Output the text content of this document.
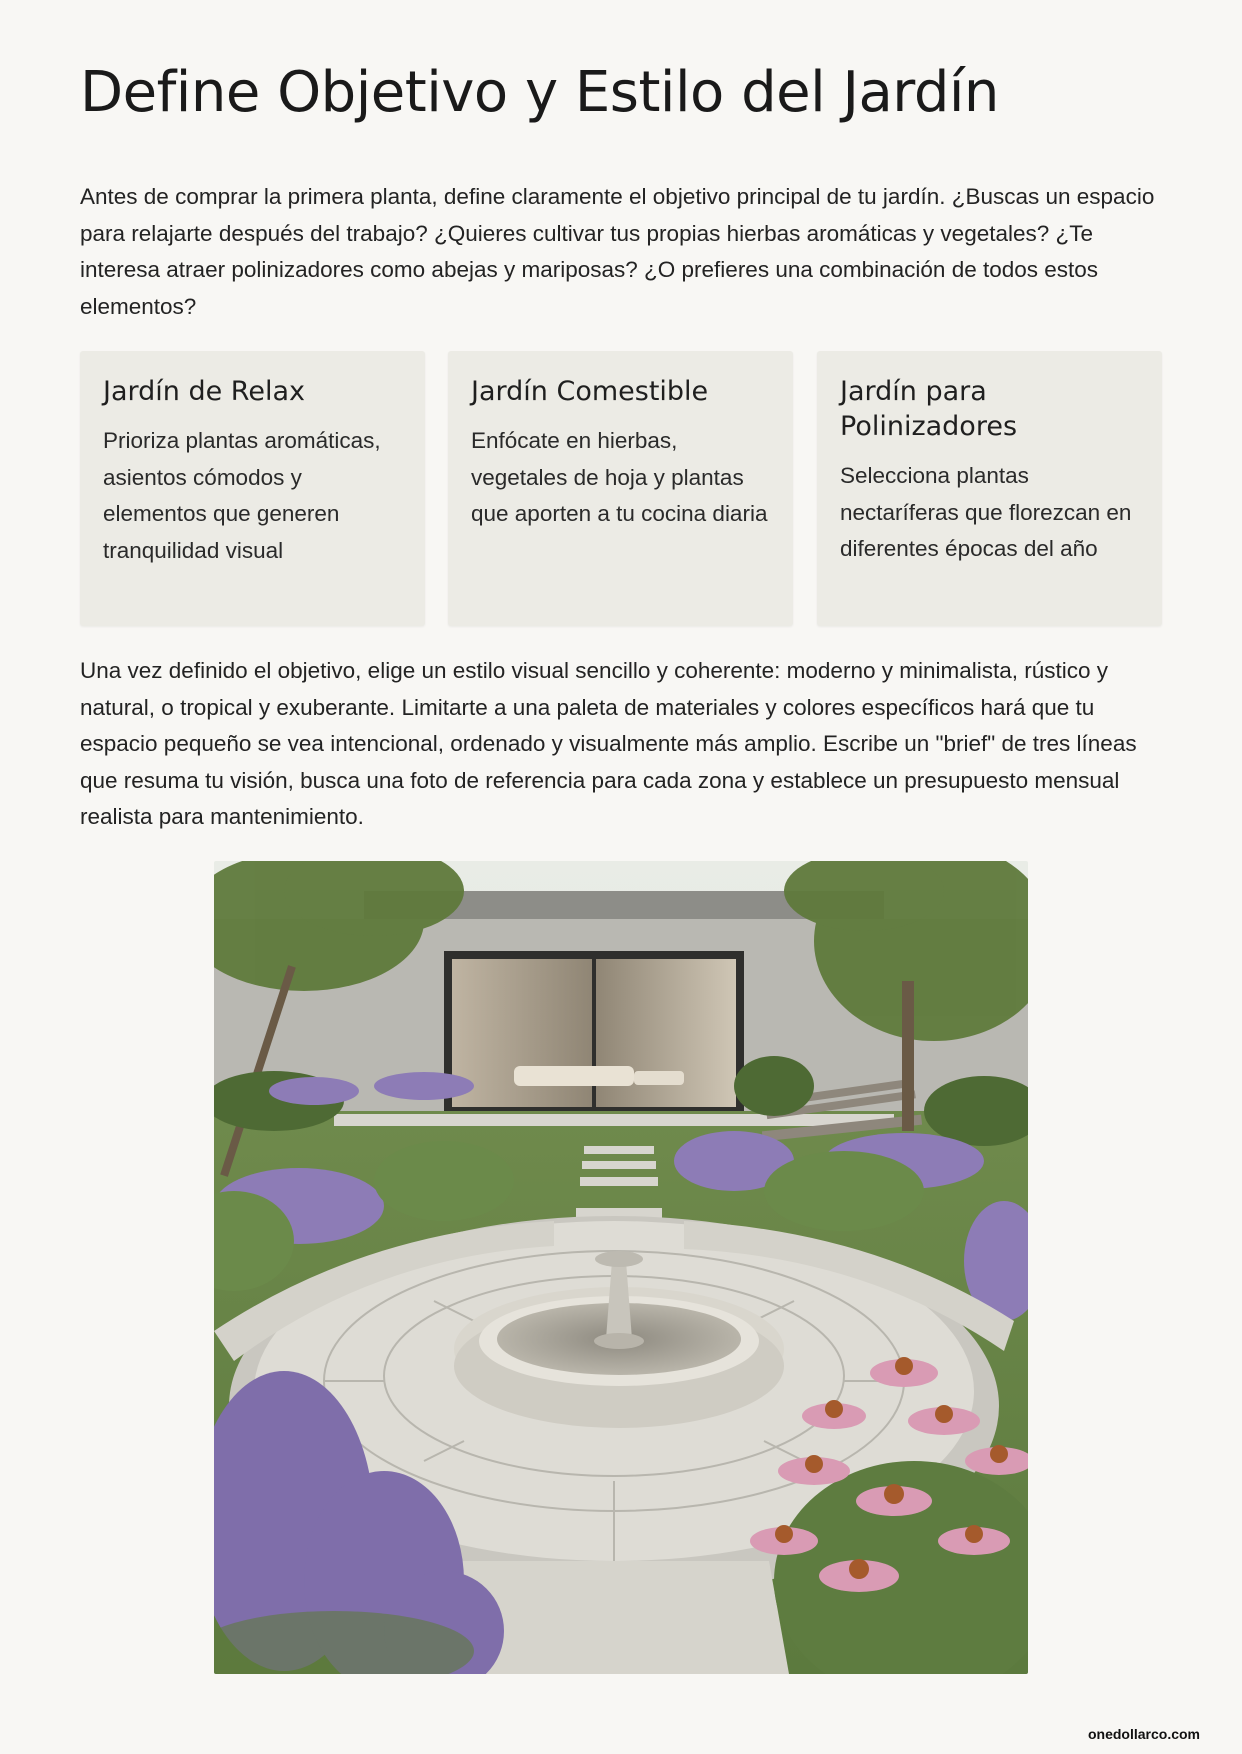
Define Objetivo y Estilo del Jardín

Antes de comprar la primera planta, define claramente el objetivo principal de tu jardín. ¿Buscas un espacio para relajarte después del trabajo? ¿Quieres cultivar tus propias hierbas aromáticas y vegetales? ¿Te interesa atraer polinizadores como abejas y mariposas? ¿O prefieres una combinación de todos estos elementos?

Jardín de Relax
Prioriza plantas aromáticas, asientos cómodos y elementos que generen tranquilidad visual
Jardín Comestible
Enfócate en hierbas, vegetales de hoja y plantas que aporten a tu cocina diaria
Jardín para Polinizadores
Selecciona plantas nectaríferas que florezcan en diferentes épocas del año

Una vez definido el objetivo, elige un estilo visual sencillo y coherente: moderno y minimalista, rústico y natural, o tropical y exuberante. Limitarte a una paleta de materiales y colores específicos hará que tu espacio pequeño se vea intencional, ordenado y visualmente más amplio. Escribe un "brief" de tres líneas que resuma tu visión, busca una foto de referencia para cada zona y establece un presupuesto mensual realista para mantenimiento.

onedollarco.com
